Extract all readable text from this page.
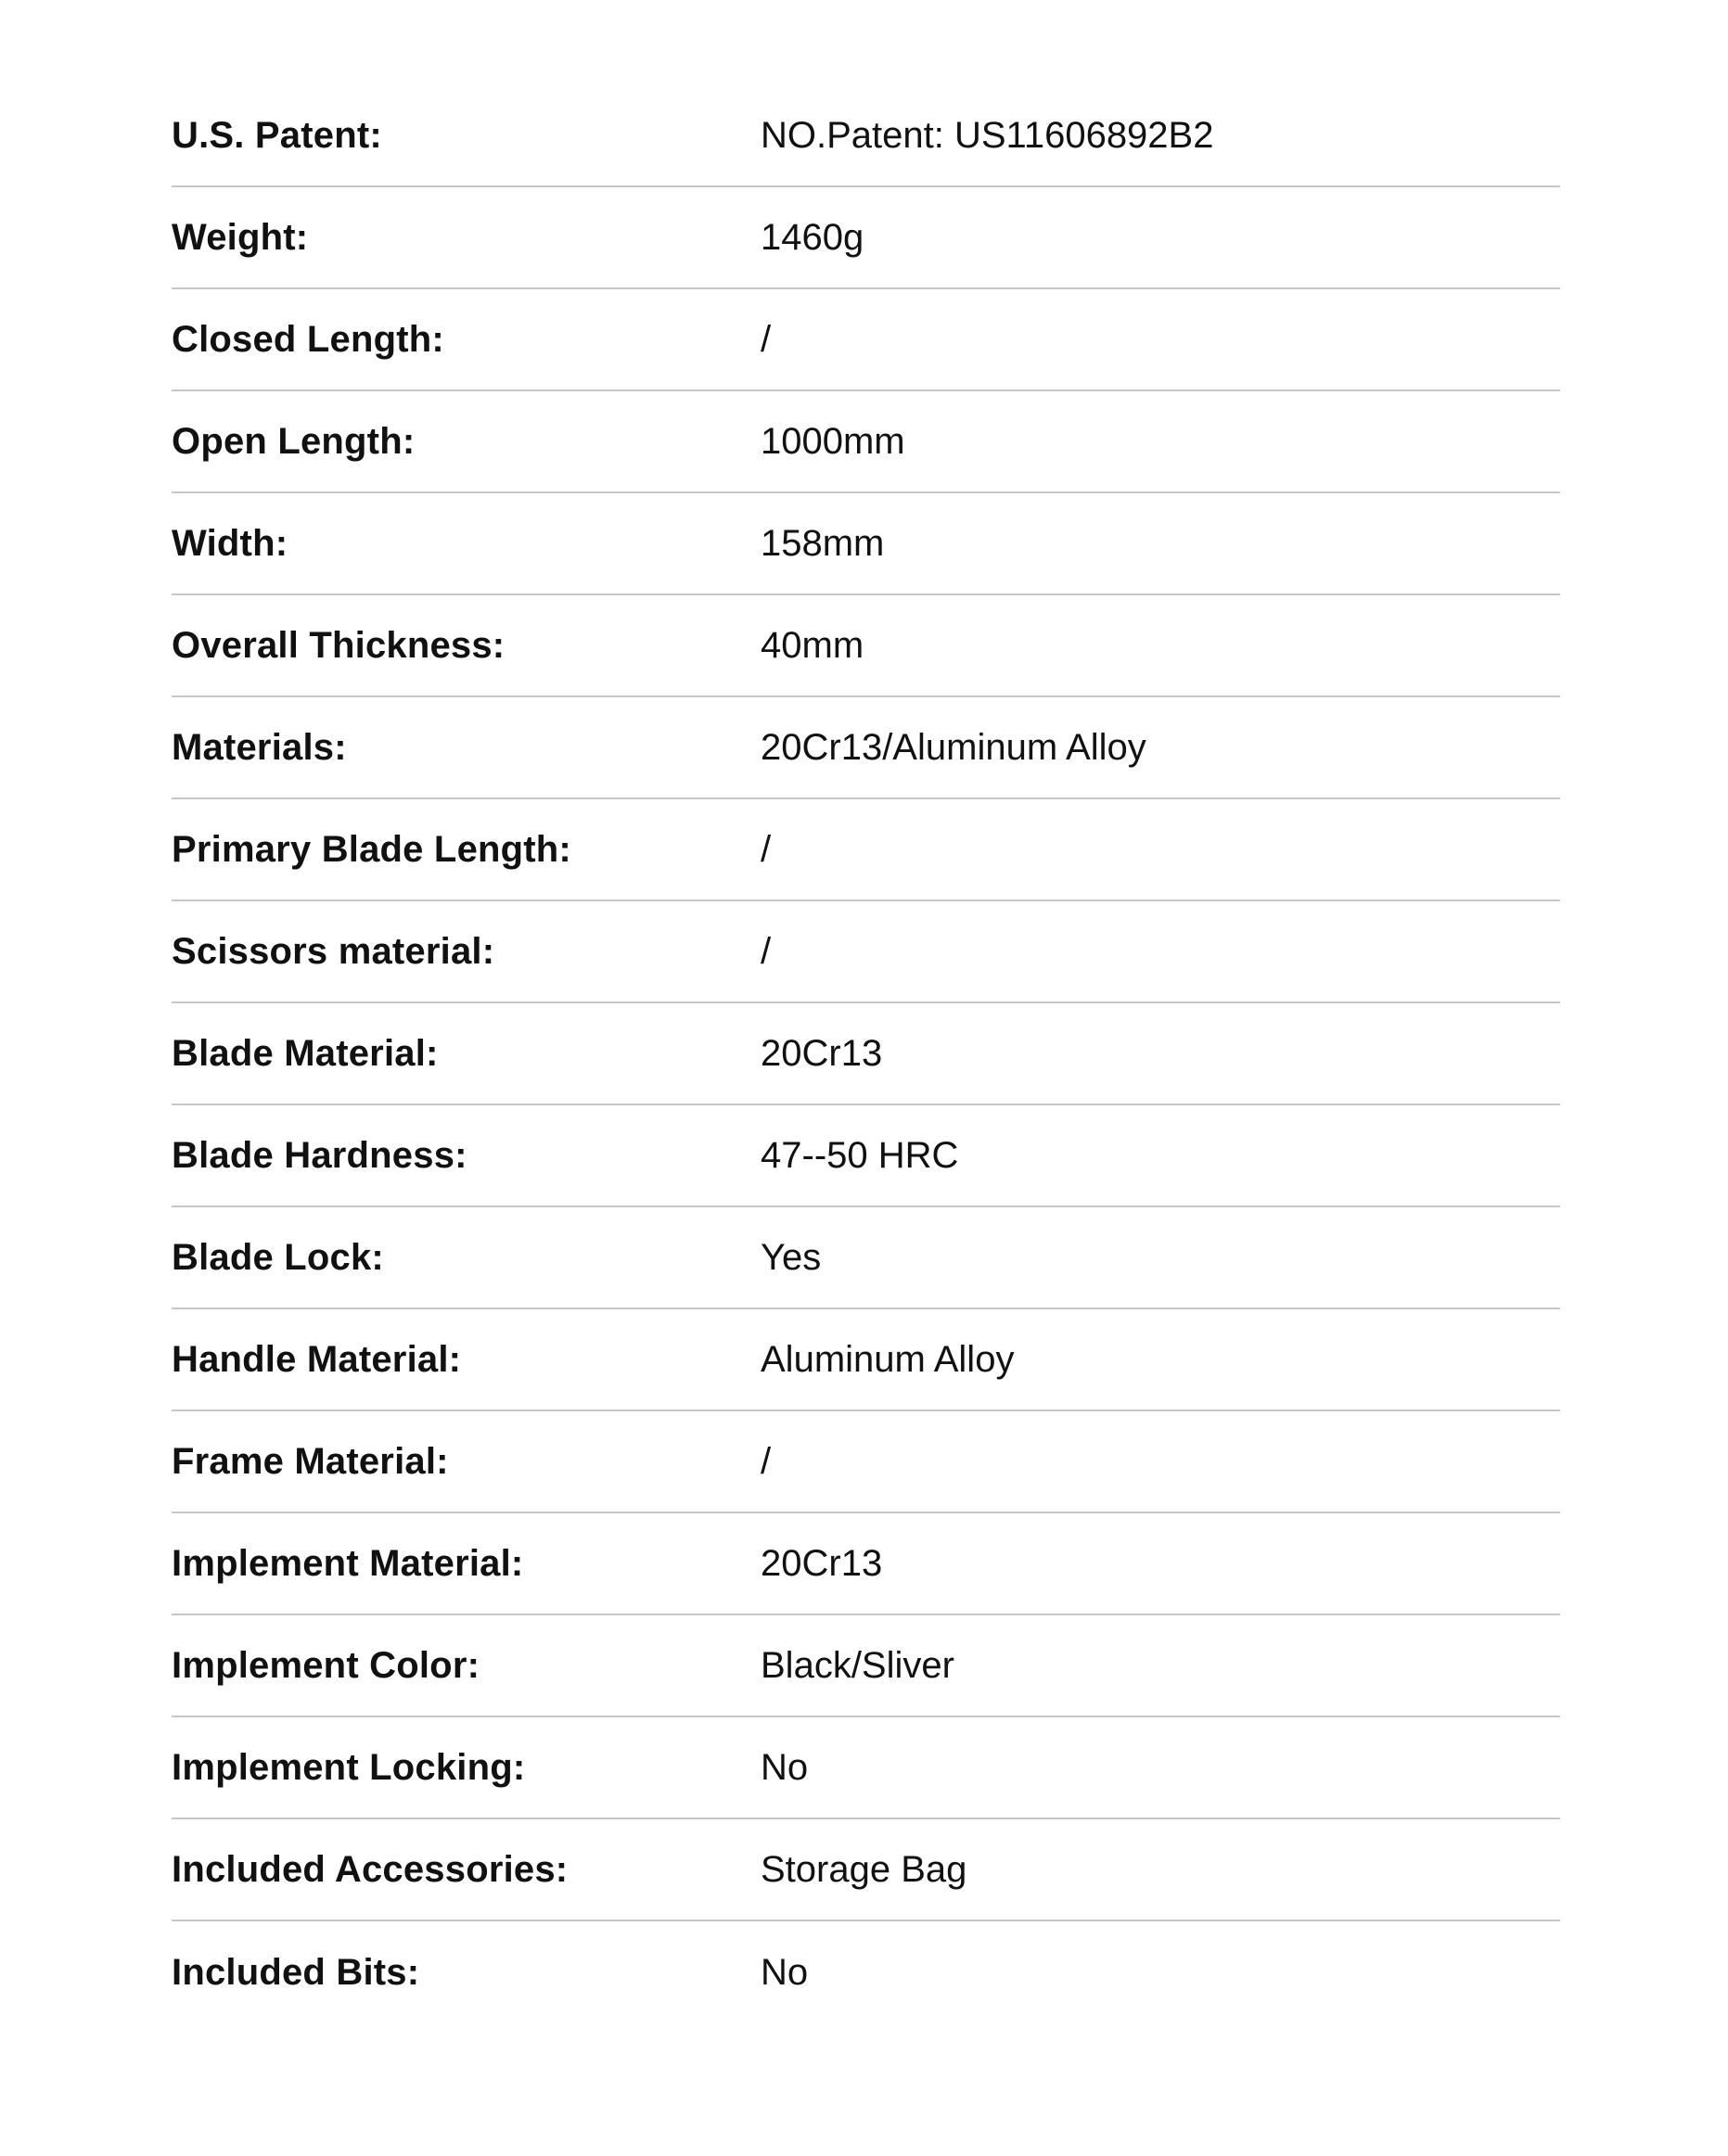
U.S. Patent:	NO.Patent: US11606892B2
Weight:	1460g
Closed Length:	/
Open Length:	1000mm
Width:	158mm
Overall Thickness:	40mm
Materials:	20Cr13/Aluminum Alloy
Primary Blade Length:	/
Scissors material:	/
Blade Material:	20Cr13
Blade Hardness:	47--50 HRC
Blade Lock:	Yes
Handle Material:	Aluminum Alloy
Frame Material:	/
Implement Material:	20Cr13
Implement Color:	Black/Sliver
Implement Locking:	No
Included Accessories:	Storage Bag
Included Bits:	No
